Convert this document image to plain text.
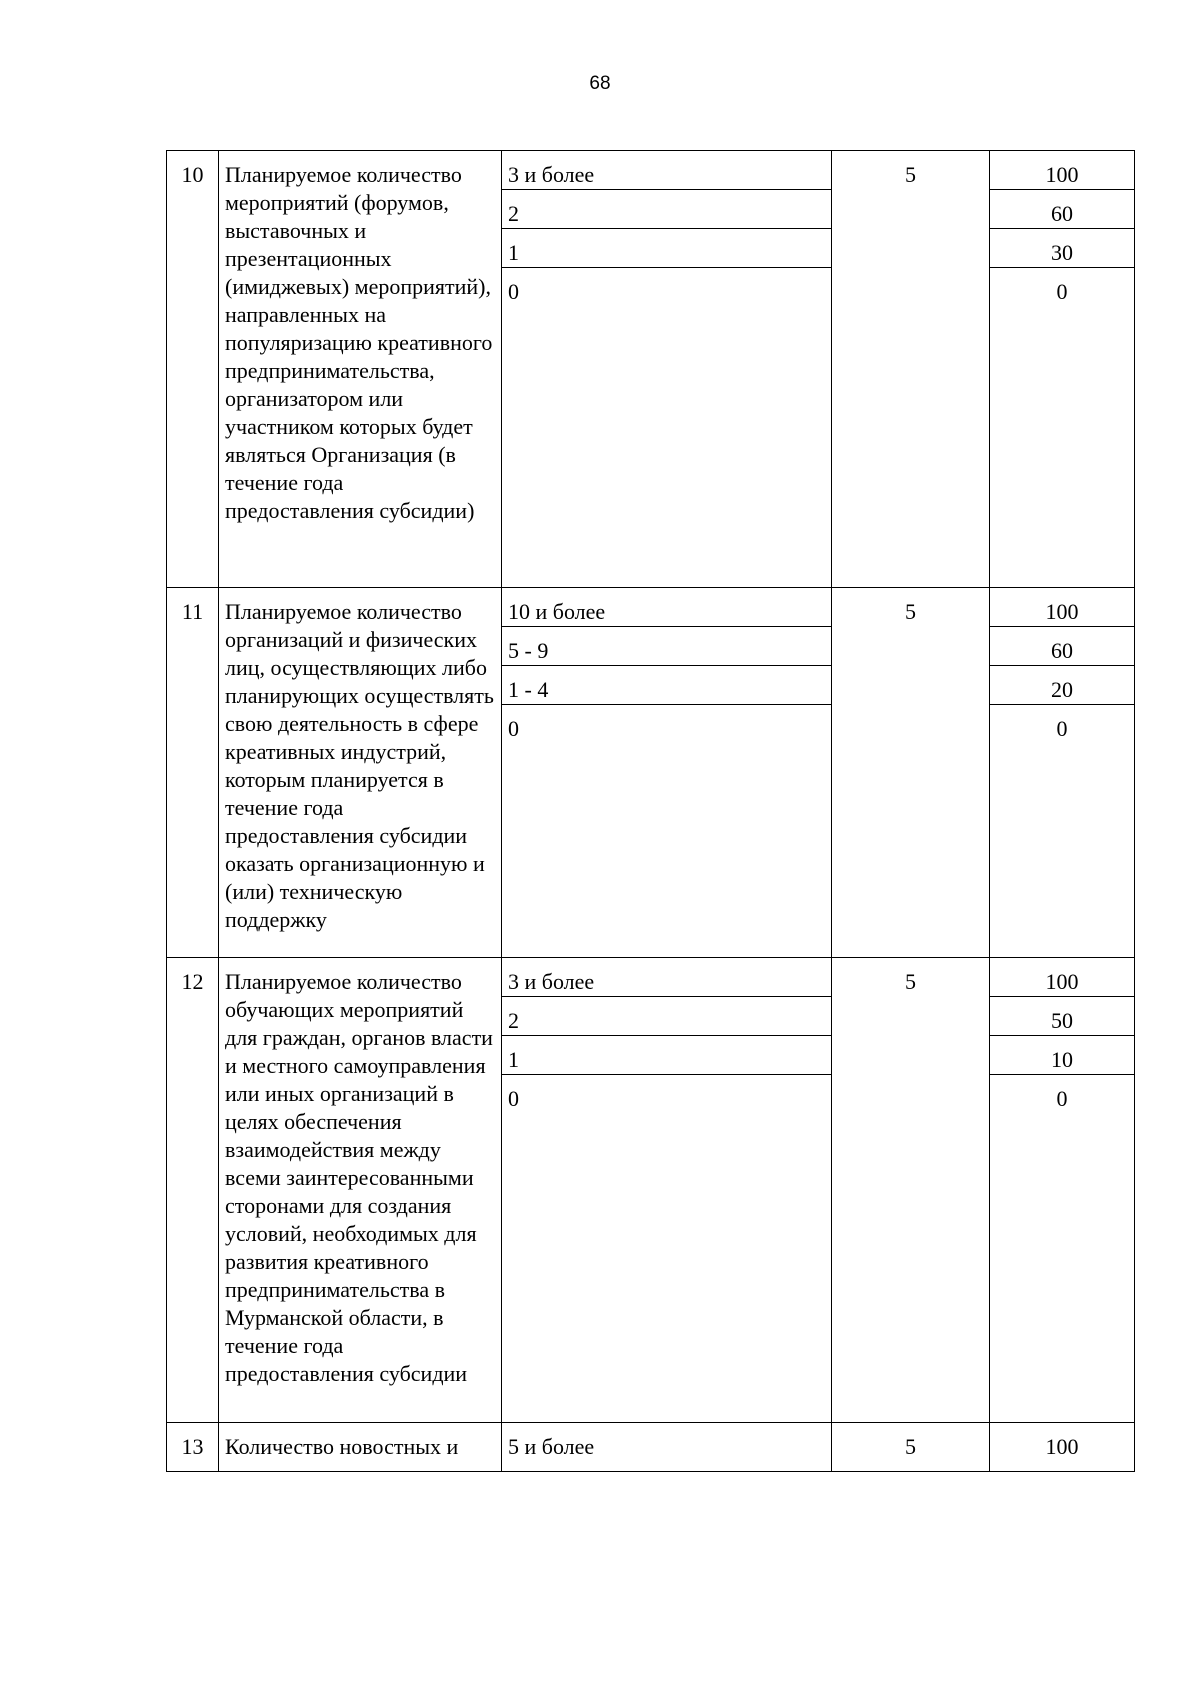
68
10	Планируемое количество мероприятий (форумов, выставочных и презентационных (имиджевых) мероприятий), направленных на популяризацию креативного предпринимательства, организатором или участником которых будет являться Организация (в течение года предоставления субсидии)	3 и более	5	100
		2		60
		1		30
		0		0
11	Планируемое количество организаций и физических лиц, осуществляющих либо планирующих осуществлять свою деятельность в сфере креативных индустрий, которым планируется в течение года предоставления субсидии оказать организационную и (или) техническую поддержку	10 и более	5	100
		5 - 9		60
		1 - 4		20
		0		0
12	Планируемое количество обучающих мероприятий для граждан, органов власти и местного самоуправления или иных организаций в целях обеспечения взаимодействия между всеми заинтересованными сторонами для создания условий, необходимых для развития креативного предпринимательства в Мурманской области, в течение года предоставления субсидии	3 и более	5	100
		2		50
		1		10
		0		0
13	Количество новостных и	5 и более	5	100
